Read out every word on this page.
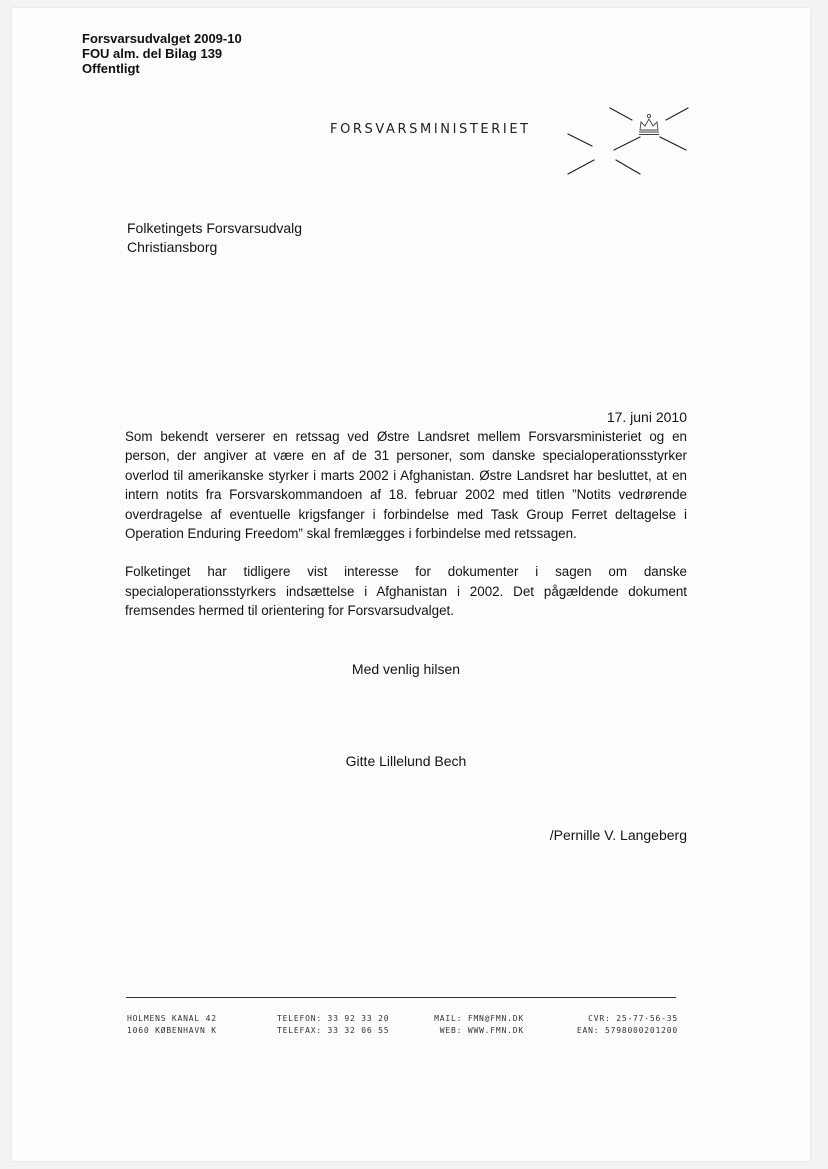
Forsvarsudvalget 2009-10
FOU alm. del Bilag 139
Offentligt
FORSVARSMINISTERIET
Folketingets Forsvarsudvalg
Christiansborg
17. juni 2010

Som bekendt verserer en retssag ved Østre Landsret mellem Forsvarsministeriet og en person, der angiver at være en af de 31 personer, som danske specialoperationsstyrker overlod til amerikanske styrker i marts 2002 i Afghanistan. Østre Landsret har besluttet, at en intern notits fra Forsvarskommandoen af 18. februar 2002 med titlen ”Notits vedrørende overdragelse af eventuelle krigsfanger i forbindelse med Task Group Ferret deltagelse i Operation Enduring Freedom” skal fremlægges i forbindelse med retssagen.

Folketinget har tidligere vist interesse for dokumenter i sagen om danske specialoperationsstyrkers indsættelse i Afghanistan i 2002. Det pågældende dokument fremsendes hermed til orientering for Forsvarsudvalget.

Med venlig hilsen
Gitte Lillelund Bech
/Pernille V. Langeberg
HOLMENS KANAL 42
1060 KØBENHAVN K
TELEFON: 33 92 33 20
TELEFAX: 33 32 06 55
MAIL: FMN@FMN.DK
WEB: WWW.FMN.DK
CVR: 25-77-56-35
EAN: 5798000201200
